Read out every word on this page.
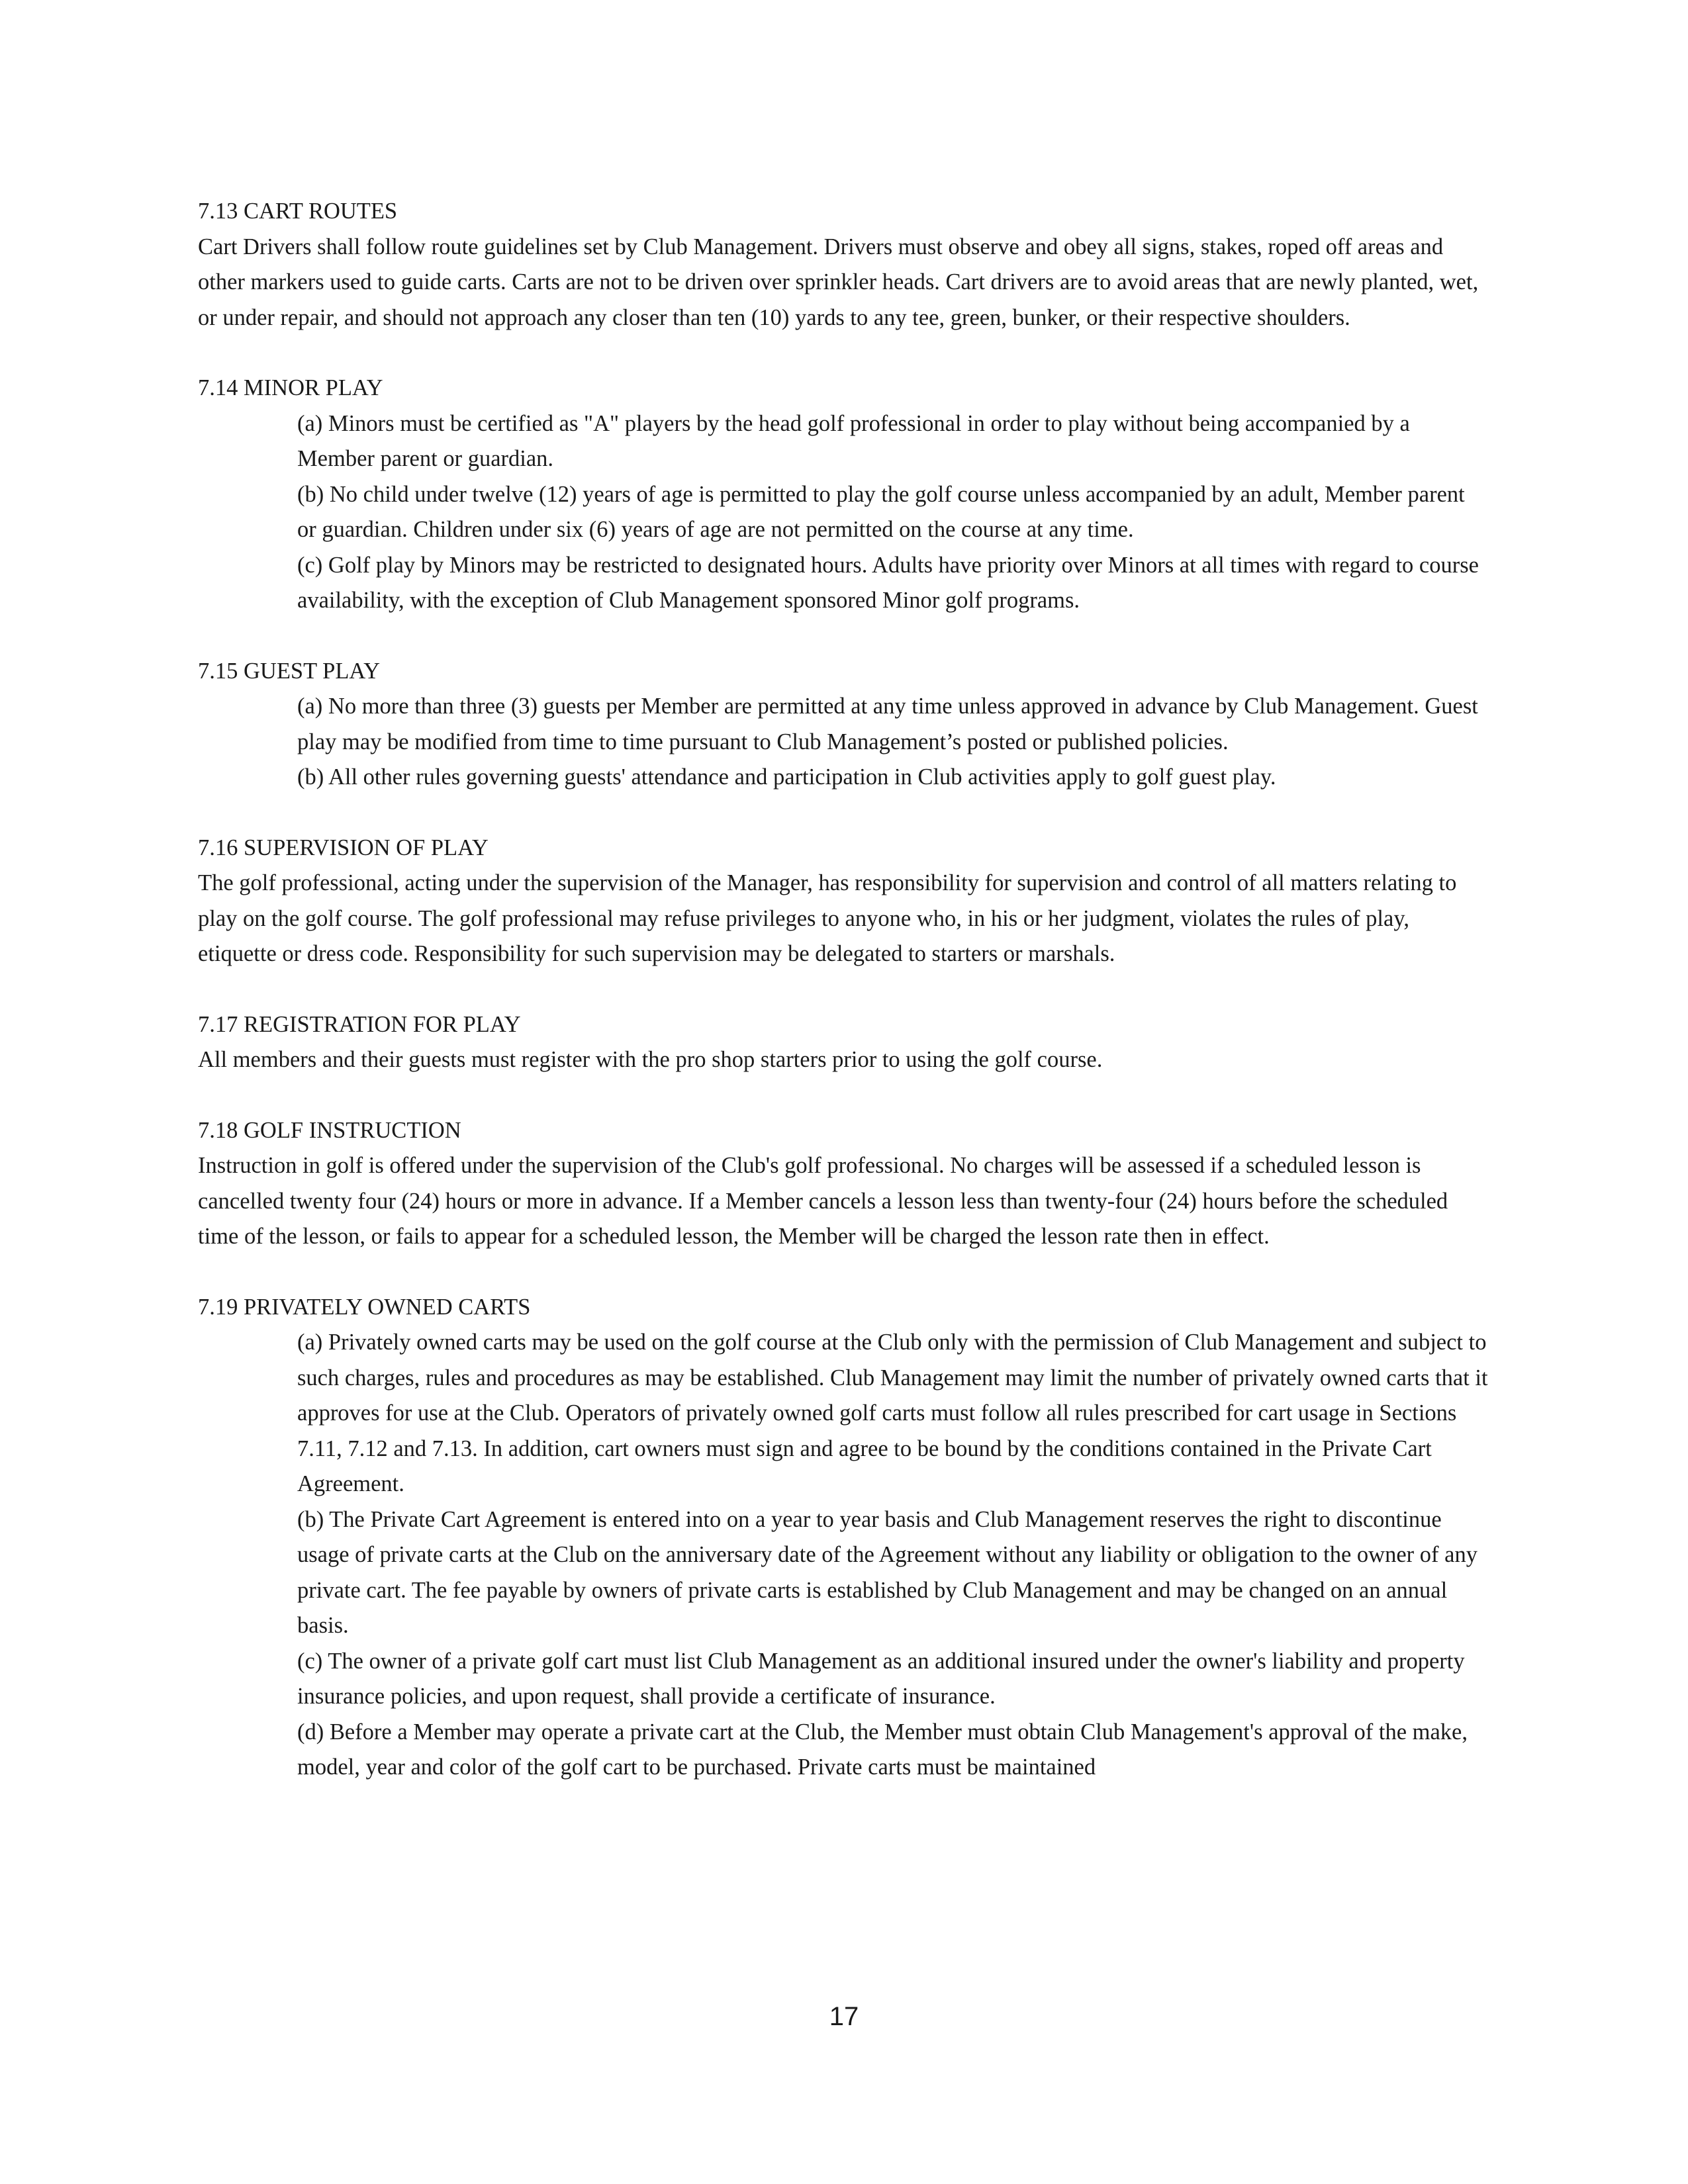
7.13 CART ROUTES

Cart Drivers shall follow route guidelines set by Club Management. Drivers must observe and obey all signs, stakes, roped off areas and other markers used to guide carts. Carts are not to be driven over sprinkler heads. Cart drivers are to avoid areas that are newly planted, wet, or under repair, and should not approach any closer than ten (10) yards to any tee, green, bunker, or their respective shoulders.

7.14 MINOR PLAY

(a) Minors must be certified as "A" players by the head golf professional in order to play without being accompanied by a Member parent or guardian.

(b) No child under twelve (12) years of age is permitted to play the golf course unless accompanied by an adult, Member parent or guardian. Children under six (6) years of age are not permitted on the course at any time.

(c) Golf play by Minors may be restricted to designated hours. Adults have priority over Minors at all times with regard to course availability, with the exception of Club Management sponsored Minor golf programs.

7.15 GUEST PLAY

(a) No more than three (3) guests per Member are permitted at any time unless approved in advance by Club Management. Guest play may be modified from time to time pursuant to Club Management’s posted or published policies.

(b) All other rules governing guests' attendance and participation in Club activities apply to golf guest play.

7.16 SUPERVISION OF PLAY

The golf professional, acting under the supervision of the Manager, has responsibility for supervision and control of all matters relating to play on the golf course. The golf professional may refuse privileges to anyone who, in his or her judgment, violates the rules of play, etiquette or dress code. Responsibility for such supervision may be delegated to starters or marshals.

7.17 REGISTRATION FOR PLAY

All members and their guests must register with the pro shop starters prior to using the golf course.

7.18 GOLF INSTRUCTION

Instruction in golf is offered under the supervision of the Club's golf professional. No charges will be assessed if a scheduled lesson is cancelled twenty four (24) hours or more in advance. If a Member cancels a lesson less than twenty-four (24) hours before the scheduled time of the lesson, or fails to appear for a scheduled lesson, the Member will be charged the lesson rate then in effect.

7.19 PRIVATELY OWNED CARTS

(a) Privately owned carts may be used on the golf course at the Club only with the permission of Club Management and subject to such charges, rules and procedures as may be established. Club Management may limit the number of privately owned carts that it approves for use at the Club. Operators of privately owned golf carts must follow all rules prescribed for cart usage in Sections 7.11, 7.12 and 7.13. In addition, cart owners must sign and agree to be bound by the conditions contained in the Private Cart Agreement.

(b) The Private Cart Agreement is entered into on a year to year basis and Club Management reserves the right to discontinue usage of private carts at the Club on the anniversary date of the Agreement without any liability or obligation to the owner of any private cart. The fee payable by owners of private carts is established by Club Management and may be changed on an annual basis.

(c) The owner of a private golf cart must list Club Management as an additional insured under the owner's liability and property insurance policies, and upon request, shall provide a certificate of insurance.

(d) Before a Member may operate a private cart at the Club, the Member must obtain Club Management's approval of the make, model, year and color of the golf cart to be purchased. Private carts must be maintained

17
